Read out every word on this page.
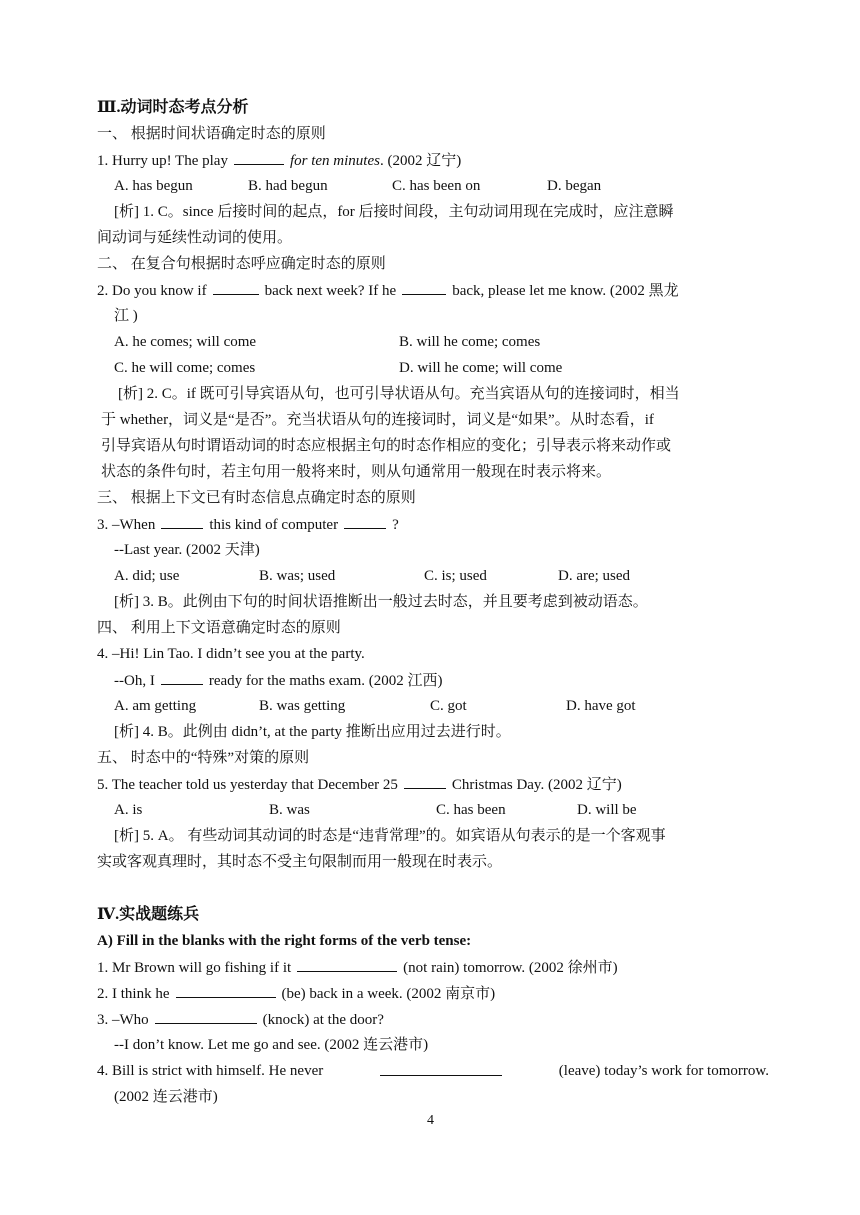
Ⅲ.动词时态考点分析
一、 根据时间状语确定时态的原则
1. Hurry up! The play	for ten minutes. (2002 辽宁)
A. has begun	B. had begun	C. has been on	D. began
[析] 1. C。since 后接时间的起点，for 后接时间段，主句动词用现在完成时，应注意瞬
间动词与延续性动词的使用。
二、 在复合句根据时态呼应确定时态的原则
2. Do you know if	back next week? If he	back, please let me know. (2002 黑龙
江 )
A. he comes; will come	B. will he come; comes
C. he will come; comes	D. will he come; will come
[析] 2. C。if 既可引导宾语从句，也可引导状语从句。充当宾语从句的连接词时，相当
于 whether，词义是“是否”。充当状语从句的连接词时，词义是“如果”。从时态看，if
引导宾语从句时谓语动词的时态应根据主句的时态作相应的变化；引导表示将来动作或
状态的条件句时，若主句用一般将来时，则从句通常用一般现在时表示将来。
三、 根据上下文已有时态信息点确定时态的原则
3. –When	this kind of computer	?
--Last year. (2002 天津)
A. did; use	B. was; used	C. is; used	D. are; used
[析] 3. B。此例由下句的时间状语推断出一般过去时态，并且要考虑到被动语态。
四、 利用上下文语意确定时态的原则
4. –Hi! Lin Tao. I didn’t see you at the party.
--Oh, I	ready for the maths exam. (2002 江西)
A. am getting	B. was getting	C. got	D. have got
[析] 4. B。此例由 didn’t, at the party 推断出应用过去进行时。
五、 时态中的“特殊”对策的原则
5. The teacher told us yesterday that December 25	Christmas Day. (2002 辽宁)
A. is	B. was	C. has been	D. will be
[析] 5. A。 有些动词其动词的时态是“违背常理”的。如宾语从句表示的是一个客观事
实或客观真理时，其时态不受主句限制而用一般现在时表示。
Ⅳ.实战题练兵
A) Fill in the blanks with the right forms of the verb tense:
1. Mr Brown will go fishing if it	(not rain) tomorrow. (2002 徐州市)
2. I think he	(be) back in a week. (2002 南京市)
3. –Who	(knock) at the door?
--I don’t know. Let me go and see. (2002 连云港市)
4. Bill is strict with himself. He never	(leave) today’s work for tomorrow.
(2002 连云港市)
4
